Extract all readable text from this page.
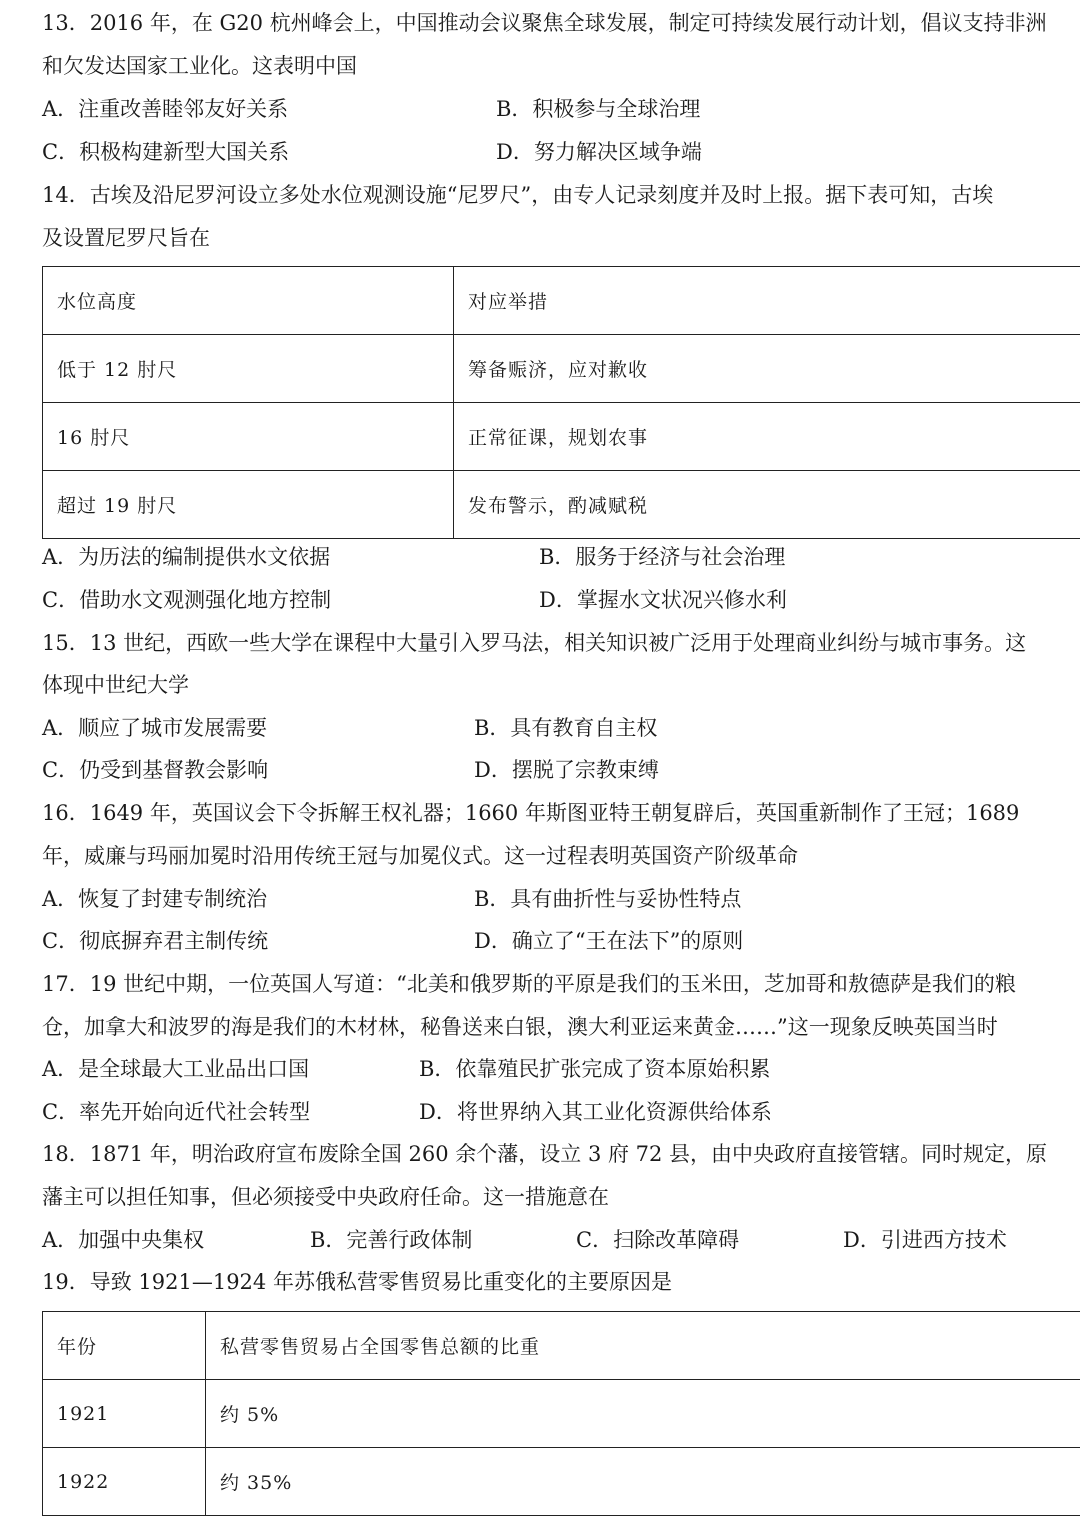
13．2016 年，在 G20 杭州峰会上，中国推动会议聚焦全球发展，制定可持续发展行动计划，倡议支持非洲
和欠发达国家工业化。这表明中国
A．注重改善睦邻友好关系	B．积极参与全球治理
C．积极构建新型大国关系	D．努力解决区域争端
14．古埃及沿尼罗河设立多处水位观测设施“尼罗尺”，由专人记录刻度并及时上报。据下表可知，古埃
及设置尼罗尺旨在
水位高度	对应举措
低于 12 肘尺	筹备赈济，应对歉收
16 肘尺	正常征课，规划农事
超过 19 肘尺	发布警示，酌减赋税
A．为历法的编制提供水文依据	B．服务于经济与社会治理
C．借助水文观测强化地方控制	D．掌握水文状况兴修水利
15．13 世纪，西欧一些大学在课程中大量引入罗马法，相关知识被广泛用于处理商业纠纷与城市事务。这
体现中世纪大学
A．顺应了城市发展需要	B．具有教育自主权
C．仍受到基督教会影响	D．摆脱了宗教束缚
16．1649 年，英国议会下令拆解王权礼器；1660 年斯图亚特王朝复辟后，英国重新制作了王冠；1689
年，威廉与玛丽加冕时沿用传统王冠与加冕仪式。这一过程表明英国资产阶级革命
A．恢复了封建专制统治	B．具有曲折性与妥协性特点
C．彻底摒弃君主制传统	D．确立了“王在法下”的原则
17．19 世纪中期，一位英国人写道：“北美和俄罗斯的平原是我们的玉米田，芝加哥和敖德萨是我们的粮
仓，加拿大和波罗的海是我们的木材林，秘鲁送来白银，澳大利亚运来黄金……”这一现象反映英国当时
A．是全球最大工业品出口国	B．依靠殖民扩张完成了资本原始积累
C．率先开始向近代社会转型	D．将世界纳入其工业化资源供给体系
18．1871 年，明治政府宣布废除全国 260 余个藩，设立 3 府 72 县，由中央政府直接管辖。同时规定，原
藩主可以担任知事，但必须接受中央政府任命。这一措施意在
A．加强中央集权	B．完善行政体制	C．扫除改革障碍	D．引进西方技术
19．导致 1921—1924 年苏俄私营零售贸易比重变化的主要原因是
年份	私营零售贸易占全国零售总额的比重
1921	约 5%
1922	约 35%
